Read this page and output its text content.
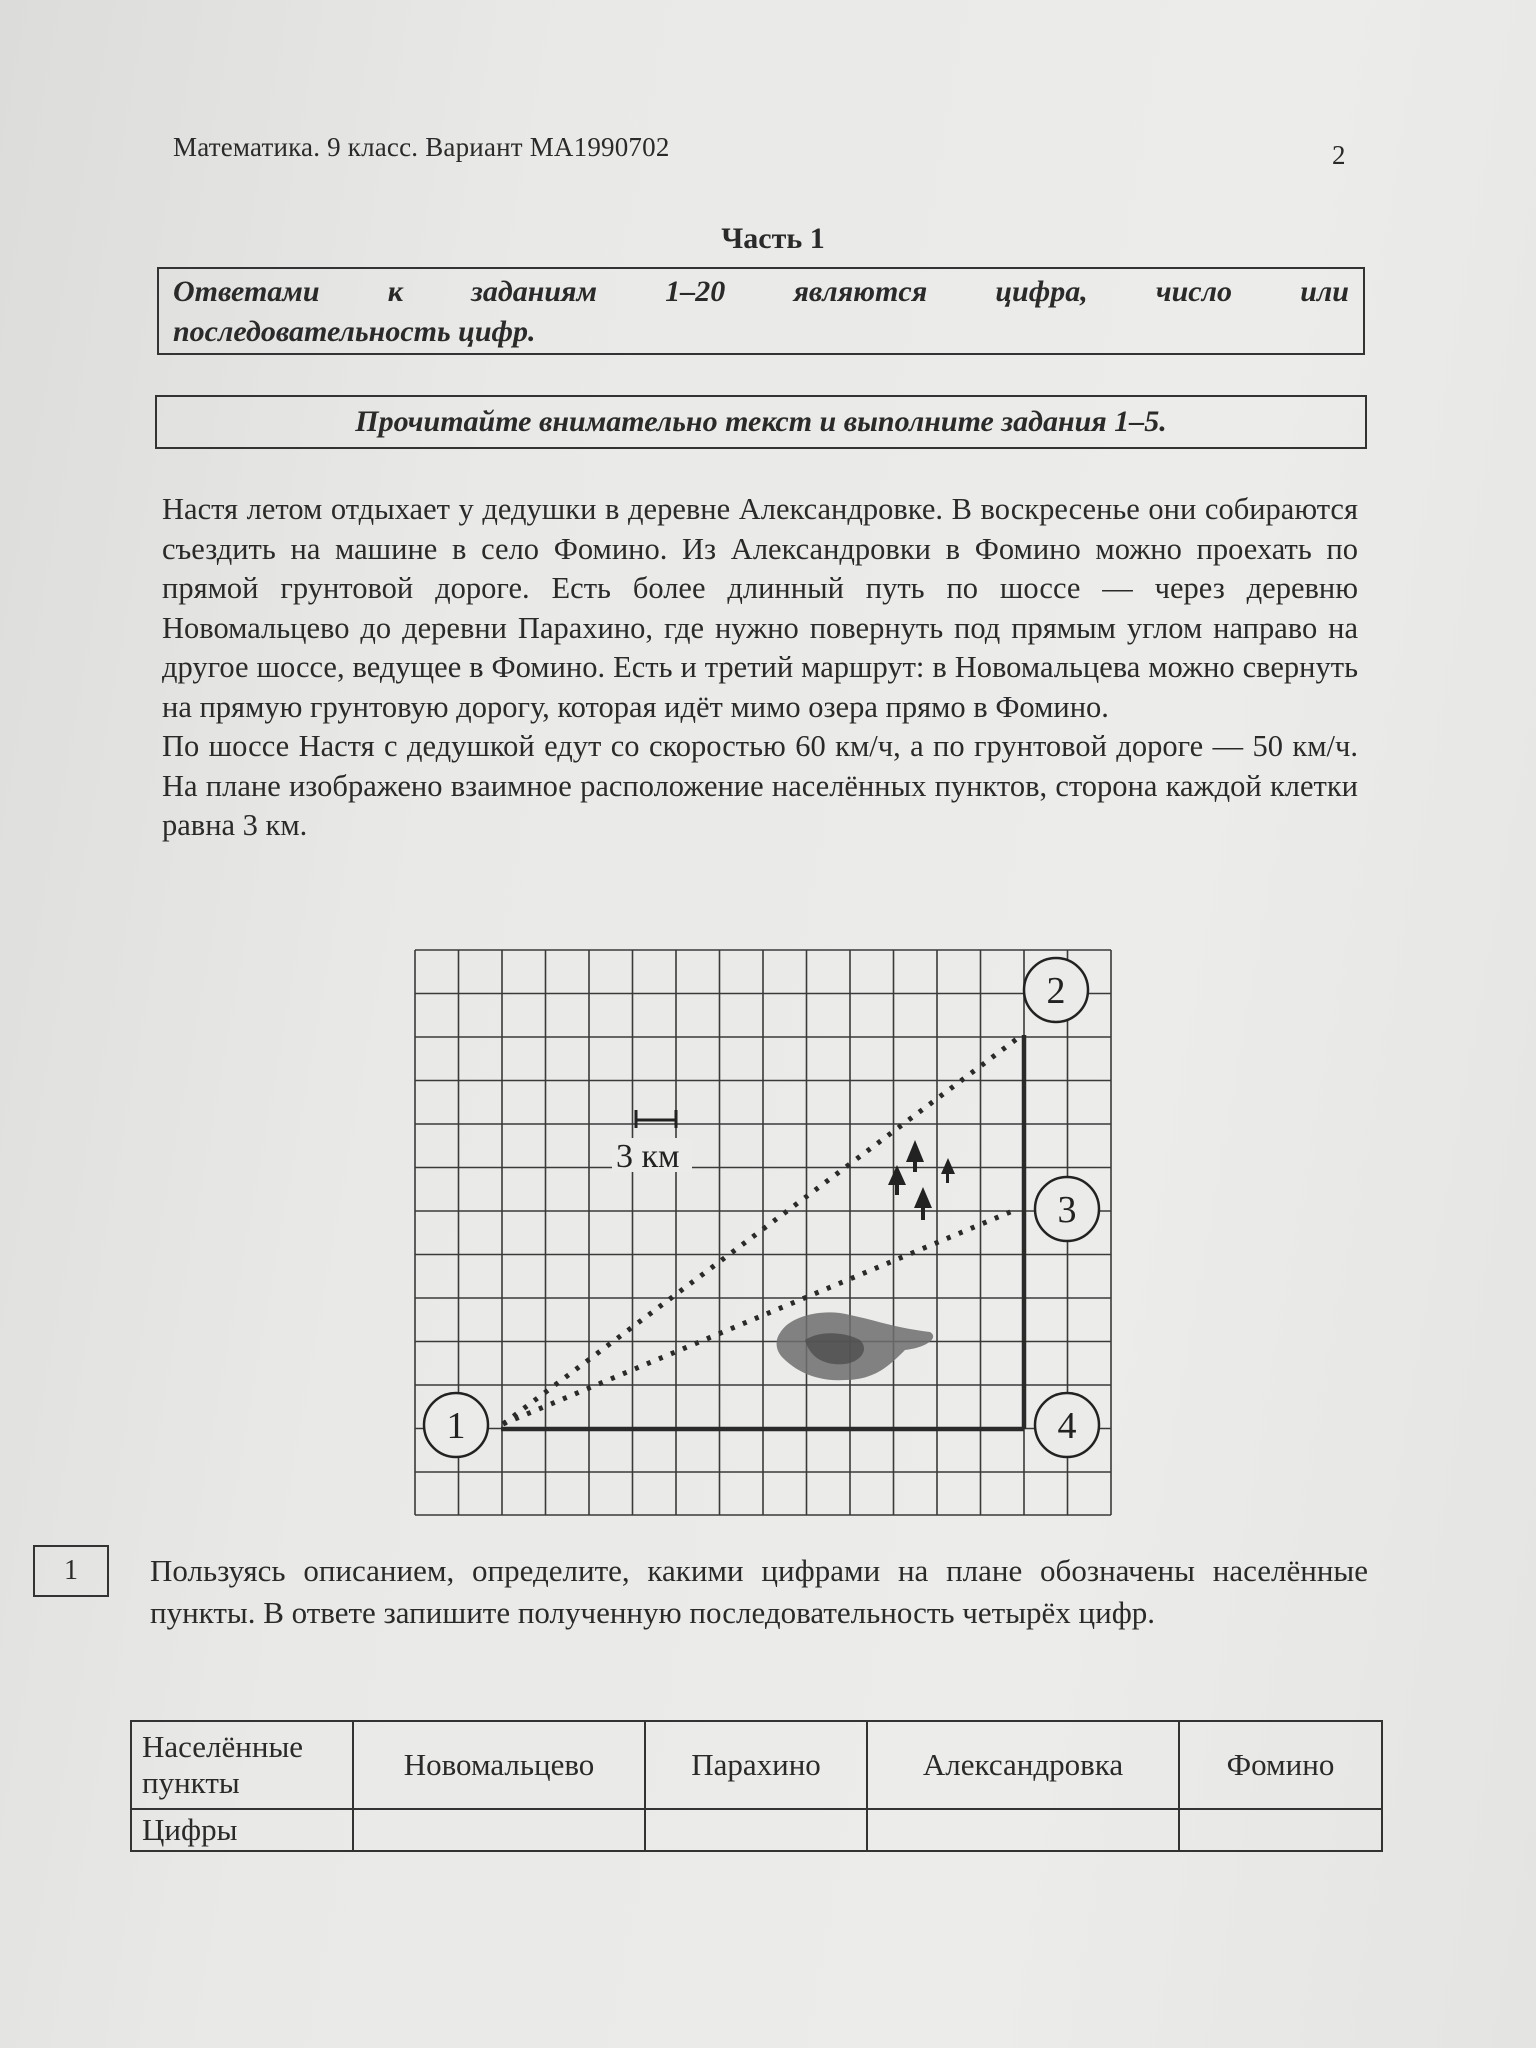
Математика. 9 класс. Вариант МА1990702	2
Часть 1
Ответами к заданиям 1–20 являются цифра, число или
последовательность цифр.
Прочитайте внимательно текст и выполните задания 1–5.

Настя летом отдыхает у дедушки в деревне Александровке. В воскресенье они собираются съездить на машине в село Фомино. Из Александровки в Фомино можно проехать по прямой грунтовой дороге. Есть более длинный путь по шоссе — через деревню Новомальцево до деревни Парахино, где нужно повернуть под прямым углом направо на другое шоссе, ведущее в Фомино. Есть и третий маршрут: в Новомальцева можно свернуть на прямую грунтовую дорогу, которая идёт мимо озера прямо в Фомино.

По шоссе Настя с дедушкой едут со скоростью 60 км/ч, а по грунтовой дороге — 50 км/ч. На плане изображено взаимное расположение населённых пунктов, сторона каждой клетки равна 3 км.

3 км
1
2
3
4
1	Пользуясь описанием, определите, какими цифрами на плане обозначены населённые пункты. В ответе запишите полученную последовательность четырёх цифр.
Населённые пункты	Новомальцево	Парахино	Александровка	Фомино
Цифры				
